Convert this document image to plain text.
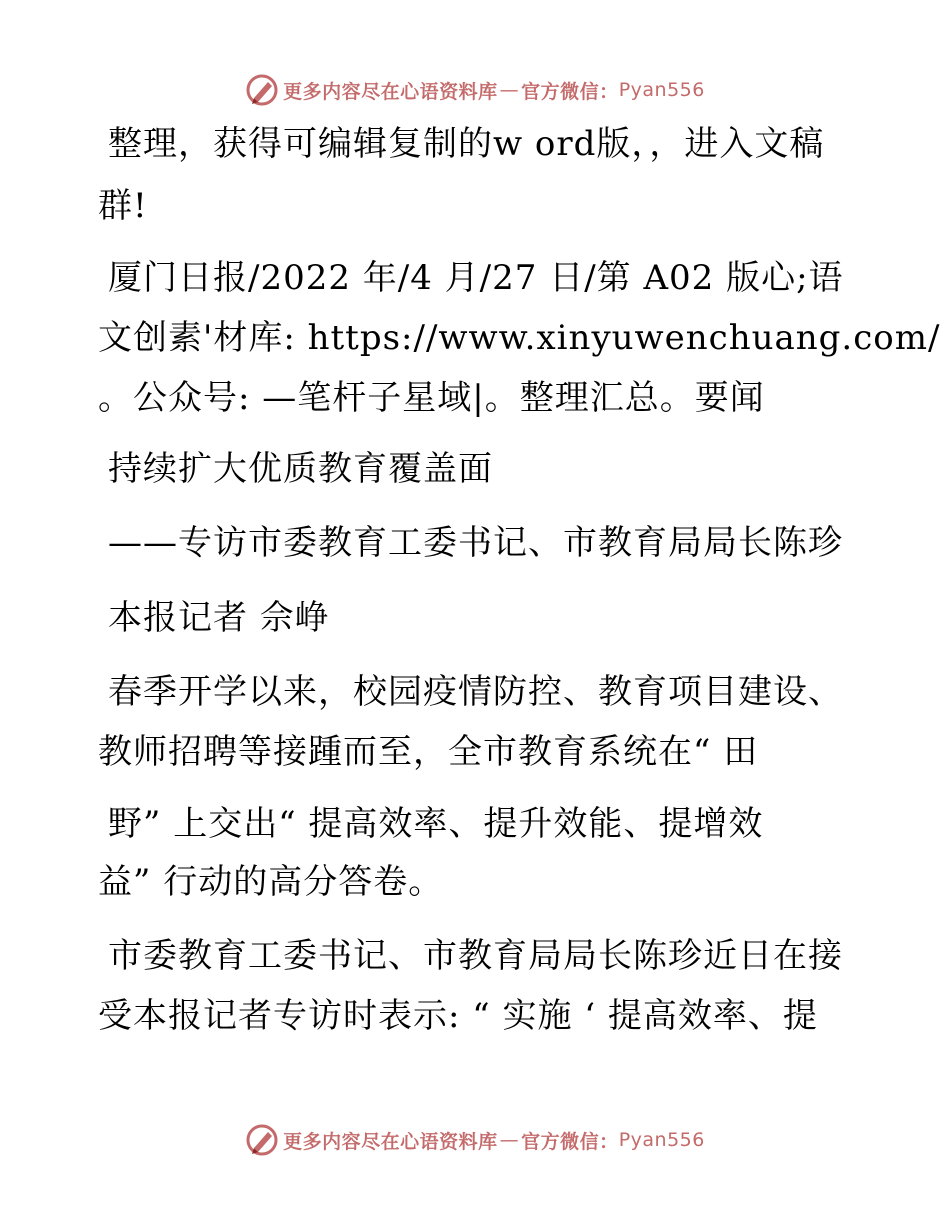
更多内容尽在心语资料库 — 官方微信： Pyan556
整理，获得可编辑复制的w ord版，，进入文稿
群!
厦门日报/2022 年/4 月/27 日/第 A02 版心;语
文创素'材库: https://www.xinyuwenchuang.com/
。公众号: —笔杆子星域|。整理汇总。要闻
持续扩大优质教育覆盖面
——专访市委教育工委书记、市教育局局长陈珍
本报记者 佘峥
春季开学以来，校园疫情防控、教育项目建设、
教师招聘等接踵而至，全市教育系统在“ 田
野” 上交出“ 提高效率、提升效能、提增效
益” 行动的高分答卷。
市委教育工委书记、市教育局局长陈珍近日在接
受本报记者专访时表示: “ 实施 ‘ 提高效率、提
更多内容尽在心语资料库 — 官方微信： Pyan556
